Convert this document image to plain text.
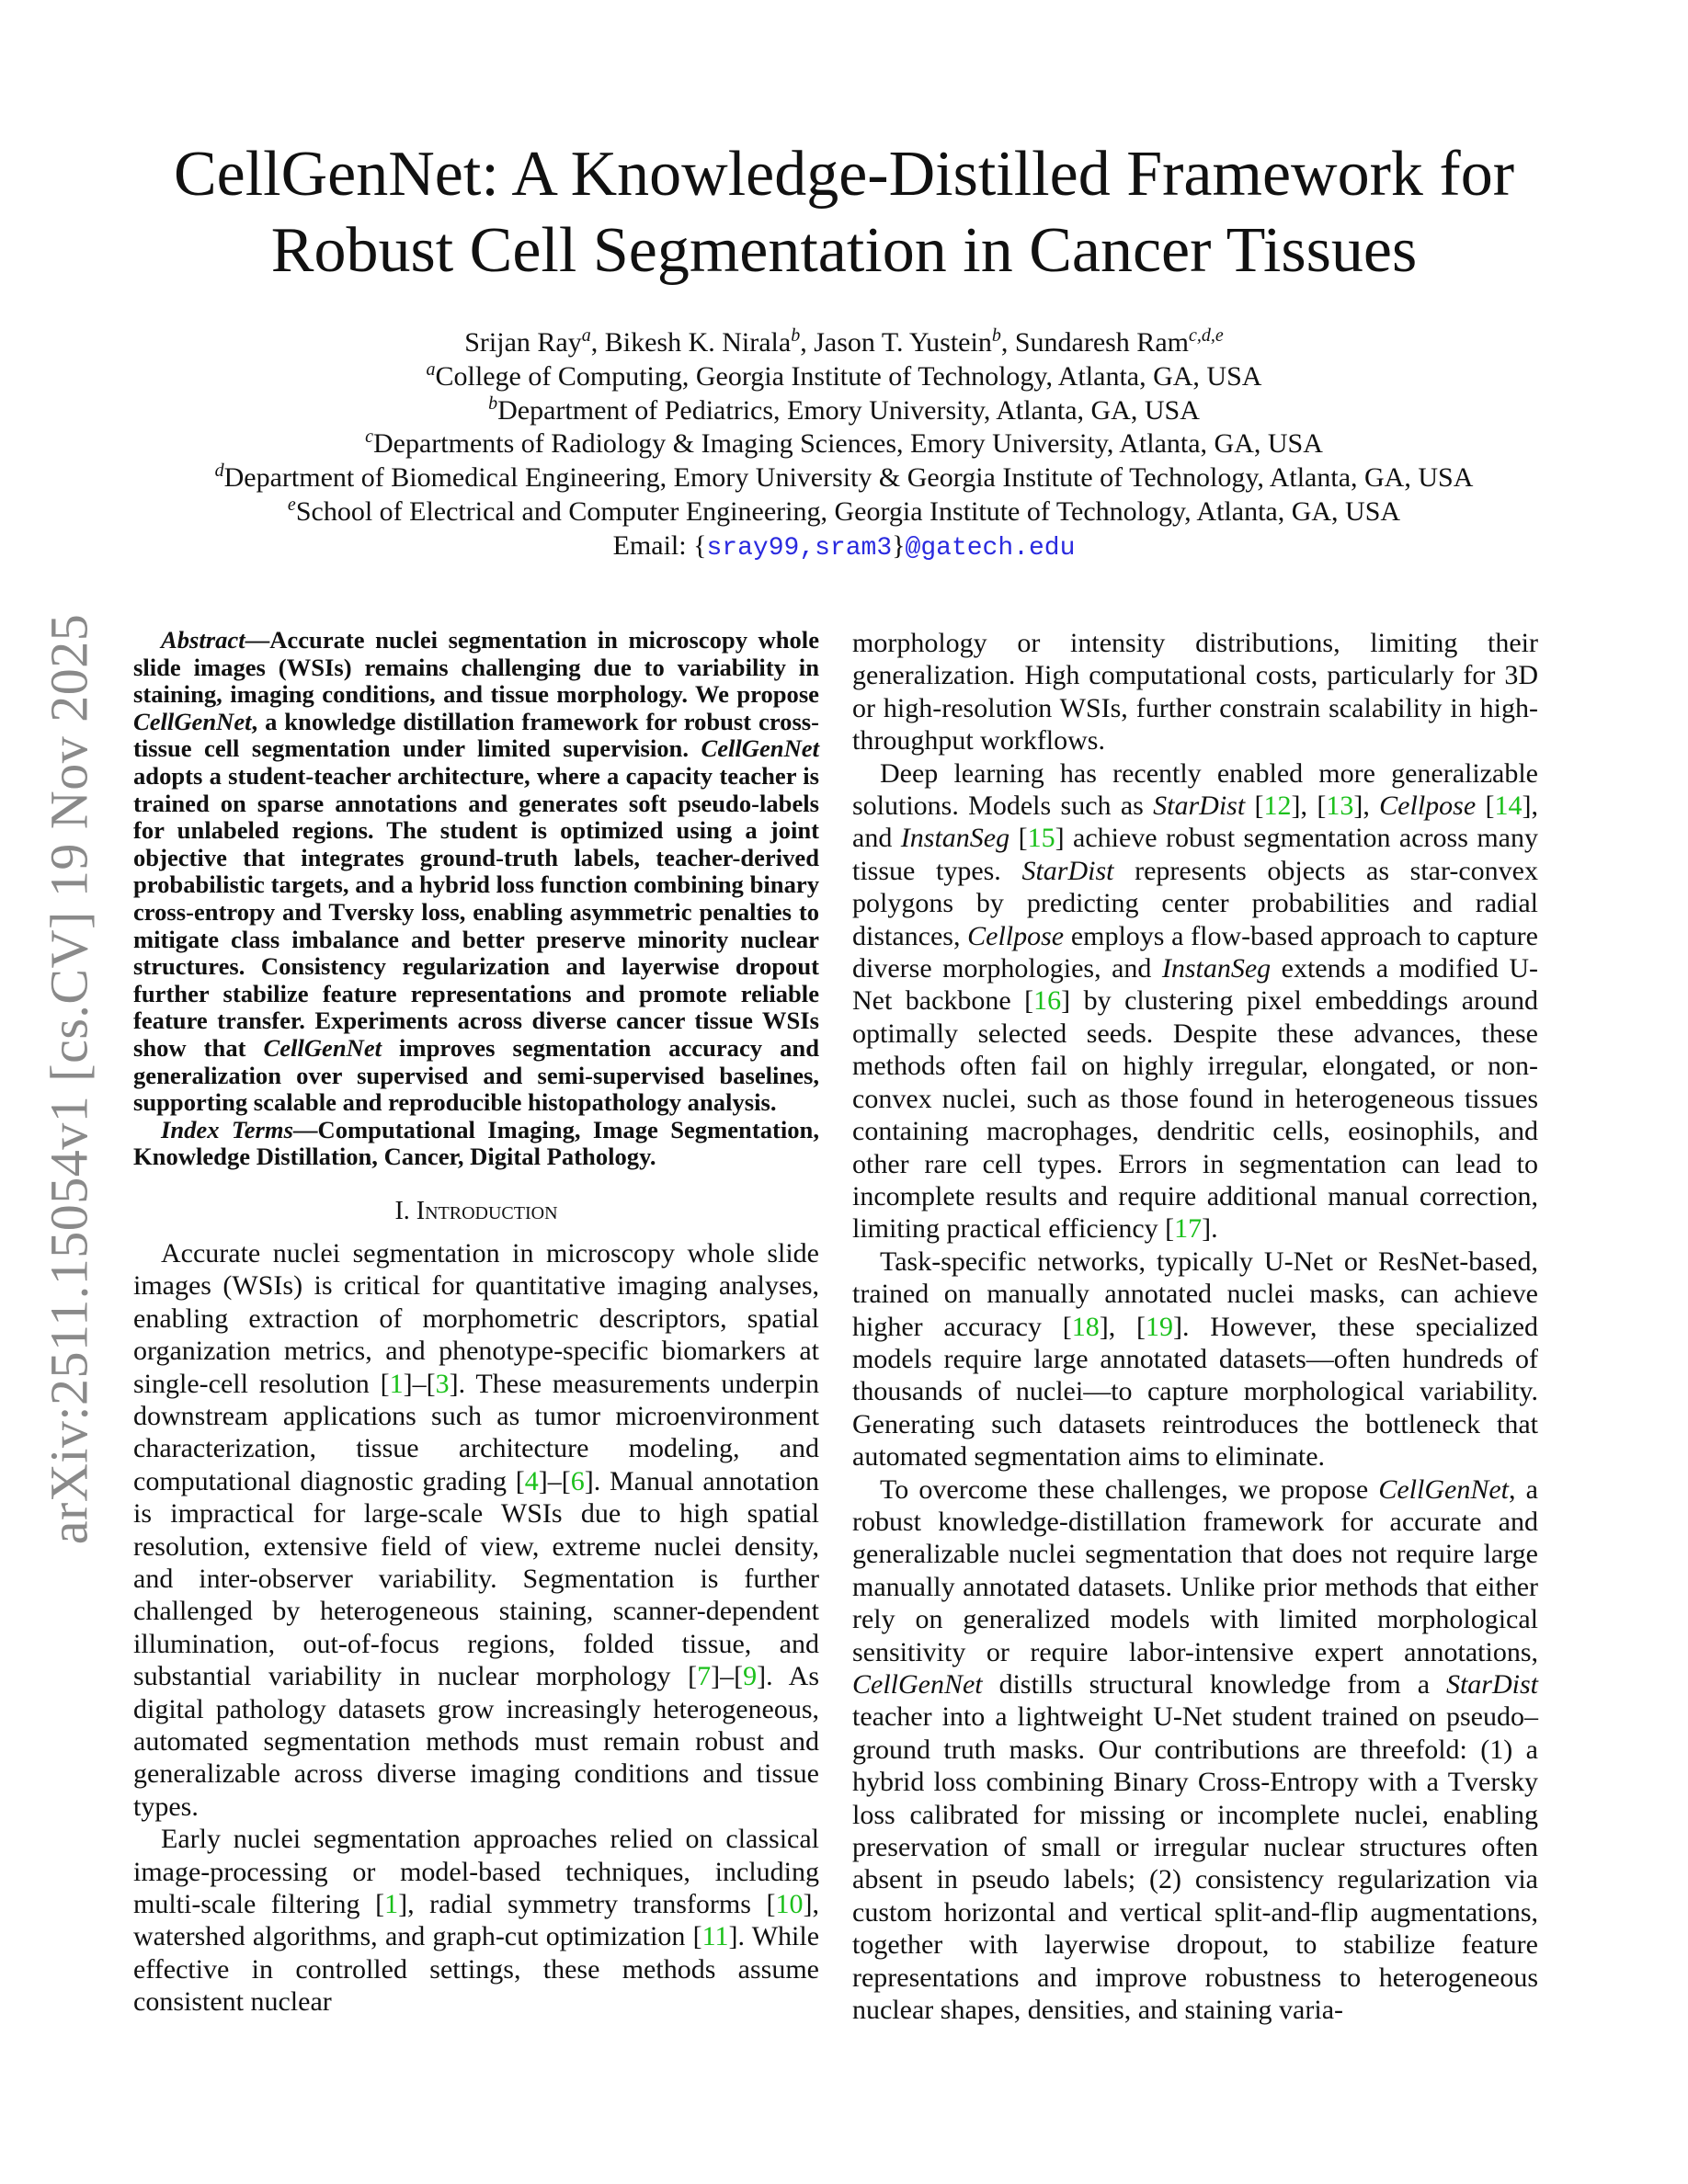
arXiv:2511.15054v1 [cs.CV] 19 Nov 2025
CellGenNet: A Knowledge-Distilled Framework for
Robust Cell Segmentation in Cancer Tissues
Srijan Ray$^a$, Bikesh K. Nirala$^b$, Jason T. Yustein$^b$, Sundaresh Ram$^{c,d,e}$
$^a$College of Computing, Georgia Institute of Technology, Atlanta, GA, USA
$^b$Department of Pediatrics, Emory University, Atlanta, GA, USA
$^c$Departments of Radiology & Imaging Sciences, Emory University, Atlanta, GA, USA
$^d$Department of Biomedical Engineering, Emory University & Georgia Institute of Technology, Atlanta, GA, USA
$^e$School of Electrical and Computer Engineering, Georgia Institute of Technology, Atlanta, GA, USA
Email: {sray99,sram3}@gatech.edu

Abstract—Accurate nuclei segmentation in microscopy whole slide images (WSIs) remains challenging due to variability in staining, imaging conditions, and tissue morphology. We propose CellGenNet, a knowledge distillation framework for robust cross-tissue cell segmentation under limited supervision. CellGenNet adopts a student-teacher architecture, where a capacity teacher is trained on sparse annotations and generates soft pseudo-labels for unlabeled regions. The student is optimized using a joint objective that integrates ground-truth labels, teacher-derived probabilistic targets, and a hybrid loss function combining binary cross-entropy and Tversky loss, enabling asymmetric penalties to mitigate class imbalance and better preserve minority nuclear structures. Consistency regularization and layerwise dropout further stabilize feature representations and promote reliable feature transfer. Experiments across diverse cancer tissue WSIs show that CellGenNet improves segmentation accuracy and generalization over supervised and semi-supervised baselines, supporting scalable and reproducible histopathology analysis.

Index Terms—Computational Imaging, Image Segmentation, Knowledge Distillation, Cancer, Digital Pathology.

I. Introduction

Accurate nuclei segmentation in microscopy whole slide images (WSIs) is critical for quantitative imaging analyses, enabling extraction of morphometric descriptors, spatial organization metrics, and phenotype-specific biomarkers at single-cell resolution [1]–[3]. These measurements underpin downstream applications such as tumor microenvironment characterization, tissue architecture modeling, and computational diagnostic grading [4]–[6]. Manual annotation is impractical for large-scale WSIs due to high spatial resolution, extensive field of view, extreme nuclei density, and inter-observer variability. Segmentation is further challenged by heterogeneous staining, scanner-dependent illumination, out-of-focus regions, folded tissue, and substantial variability in nuclear morphology [7]–[9]. As digital pathology datasets grow increasingly heterogeneous, automated segmentation methods must remain robust and generalizable across diverse imaging conditions and tissue types.

Early nuclei segmentation approaches relied on classical image-processing or model-based techniques, including multi-scale filtering [1], radial symmetry transforms [10], watershed algorithms, and graph-cut optimization [11]. While effective in controlled settings, these methods assume consistent nuclear

morphology or intensity distributions, limiting their generalization. High computational costs, particularly for 3D or high-resolution WSIs, further constrain scalability in high-throughput workflows.

Deep learning has recently enabled more generalizable solutions. Models such as StarDist [12], [13], Cellpose [14], and InstanSeg [15] achieve robust segmentation across many tissue types. StarDist represents objects as star-convex polygons by predicting center probabilities and radial distances, Cellpose employs a flow-based approach to capture diverse morphologies, and InstanSeg extends a modified U-Net backbone [16] by clustering pixel embeddings around optimally selected seeds. Despite these advances, these methods often fail on highly irregular, elongated, or non-convex nuclei, such as those found in heterogeneous tissues containing macrophages, dendritic cells, eosinophils, and other rare cell types. Errors in segmentation can lead to incomplete results and require additional manual correction, limiting practical efficiency [17].

Task-specific networks, typically U-Net or ResNet-based, trained on manually annotated nuclei masks, can achieve higher accuracy [18], [19]. However, these specialized models require large annotated datasets—often hundreds of thousands of nuclei—to capture morphological variability. Generating such datasets reintroduces the bottleneck that automated segmentation aims to eliminate.

To overcome these challenges, we propose CellGenNet, a robust knowledge-distillation framework for accurate and generalizable nuclei segmentation that does not require large manually annotated datasets. Unlike prior methods that either rely on generalized models with limited morphological sensitivity or require labor-intensive expert annotations, CellGenNet distills structural knowledge from a StarDist teacher into a lightweight U-Net student trained on pseudo–ground truth masks. Our contributions are threefold: (1) a hybrid loss combining Binary Cross-Entropy with a Tversky loss calibrated for missing or incomplete nuclei, enabling preservation of small or irregular nuclear structures often absent in pseudo labels; (2) consistency regularization via custom horizontal and vertical split-and-flip augmentations, together with layerwise dropout, to stabilize feature representations and improve robustness to heterogeneous nuclear shapes, densities, and staining varia-
